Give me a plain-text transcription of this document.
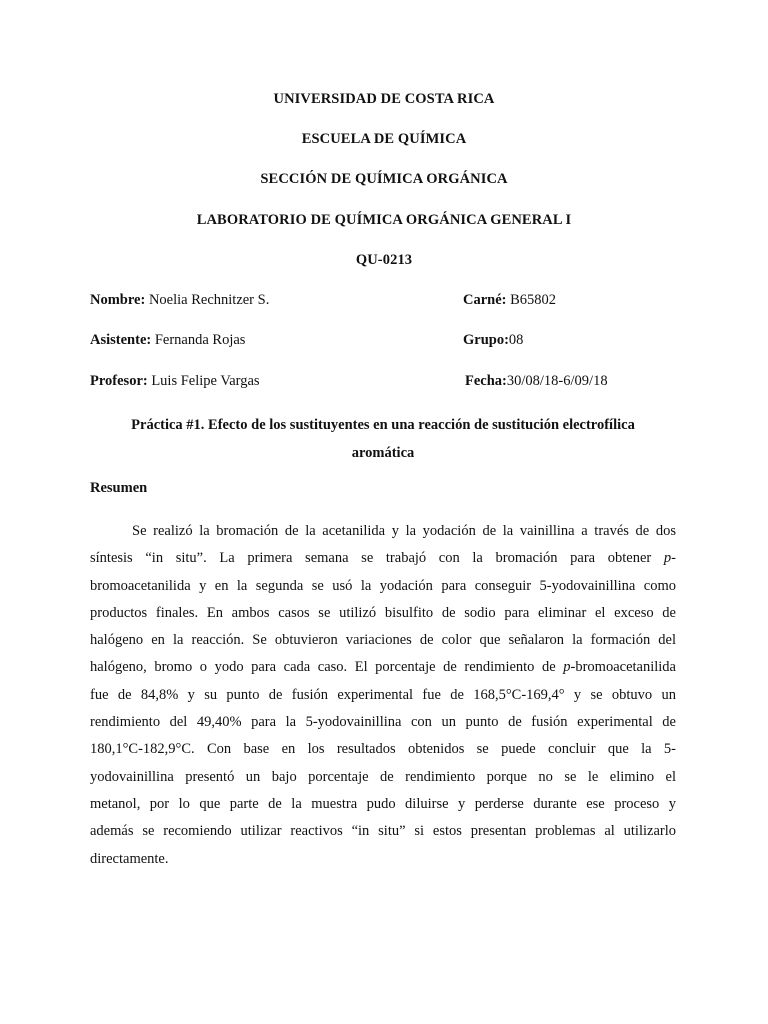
UNIVERSIDAD DE COSTA RICA
ESCUELA DE QUÍMICA
SECCIÓN DE QUÍMICA ORGÁNICA
LABORATORIO DE QUÍMICA ORGÁNICA GENERAL I
QU-0213
Nombre: Noelia Rechnitzer S.	Carné: B65802
Asistente: Fernanda Rojas	Grupo:08
Profesor: Luis Felipe Vargas	Fecha:30/08/18-6/09/18
Práctica #1. Efecto de los sustituyentes en una reacción de sustitución electrofílica
aromática
Resumen
Se realizó la bromación de la acetanilida y la yodación de la vainillina a través de dos
síntesis “in situ”. La primera semana se trabajó con la bromación para obtener p-
bromoacetanilida y en la segunda se usó la yodación para conseguir 5-yodovainillina como
productos finales. En ambos casos se utilizó bisulfito de sodio para eliminar el exceso de
halógeno en la reacción. Se obtuvieron variaciones de color que señalaron la formación del
halógeno, bromo o yodo para cada caso. El porcentaje de rendimiento de p-bromoacetanilida
fue de 84,8% y su punto de fusión experimental fue de 168,5°C-169,4° y se obtuvo un
rendimiento del 49,40% para la 5-yodovainillina con un punto de fusión experimental de
180,1°C-182,9°C. Con base en los resultados obtenidos se puede concluir que la 5-
yodovainillina presentó un bajo porcentaje de rendimiento porque no se le elimino el
metanol, por lo que parte de la muestra pudo diluirse y perderse durante ese proceso y
además se recomiendo utilizar reactivos “in situ” si estos presentan problemas al utilizarlo
directamente.
